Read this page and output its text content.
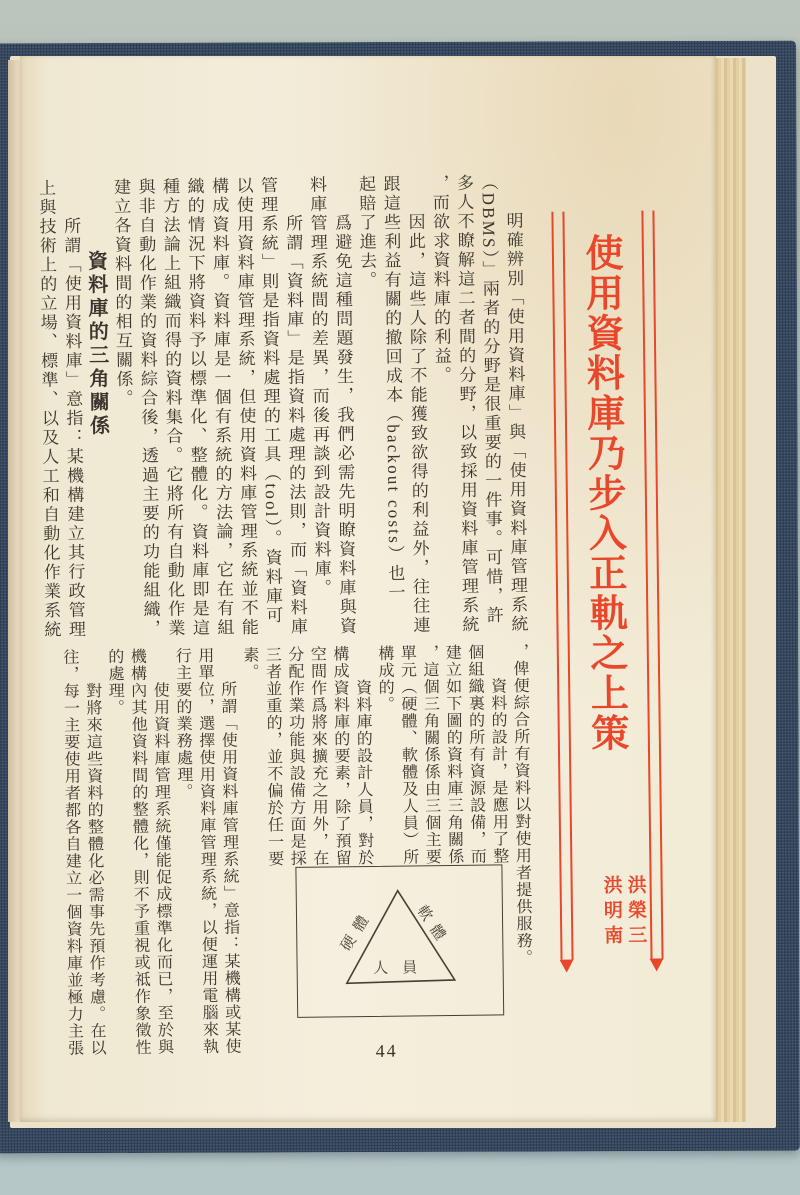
使用資料庫乃步入正軌之上策
洪榮三
洪明南
　　明確辨別「使用資料庫」與「使用資料庫管理系統
（DBMS）」兩者的分野是很重要的一件事。可惜，許
多人不瞭解這二者間的分野，以致採用資料庫管理系統
，而欲求資料庫的利益。
　　因此，這些人除了不能獲致欲得的利益外，往往連
跟這些利益有關的撤回成本（backout costs）也一
起賠了進去。
　　爲避免這種問題發生，我們必需先明瞭資料庫與資
料庫管理系統間的差異，而後再談到設計資料庫。
　　所謂「資料庫」是指資料處理的法則，而「資料庫
管理系統」則是指資料處理的工具（tool）。資料庫可
以使用資料庫管理系統，但使用資料庫管理系統並不能
構成資料庫。資料庫是一個有系統的方法論，它在有組
織的情況下將資料予以標準化、整體化。資料庫即是這
種方法論上組織而得的資料集合。它將所有自動化作業
與非自動化作業的資料綜合後，透過主要的功能組織，
建立各資料間的相互關係。
資料庫的三角關係
　　所謂「使用資料庫」意指：某機構建立其行政管理
上與技術上的立場、標準、以及人工和自動化作業系統
，俾便綜合所有資料以對使用者提供服務。
　　資料的設計，是應用了整
個組織裏的所有資源設備，而
建立如下圖的資料庫三角關係
，這個三角關係係由三個主要
單元（硬體、軟體及人員）所
構成的。
　　資料庫的設計人員，對於
構成資料庫的要素，除了預留
空間作爲將來擴充之用外，在
分配作業功能與設備方面是採
三者並重的，並不偏於任一要
素。
硬體 軟體
人員
　　所謂「使用資料庫管理系統」意指：某機構或某使
用單位，選擇使用資料庫管理系統，以便運用電腦來執
行主要的業務處理。
　　使用資料庫管理系統僅能促成標準化而已，至於與
機構內其他資料間的整體化，則不予重視或祗作象徵性
的處理。
　　對將來這些資料的整體化必需事先預作考慮。在以
往，每一主要使用者都各自建立一個資料庫並極力主張	44
